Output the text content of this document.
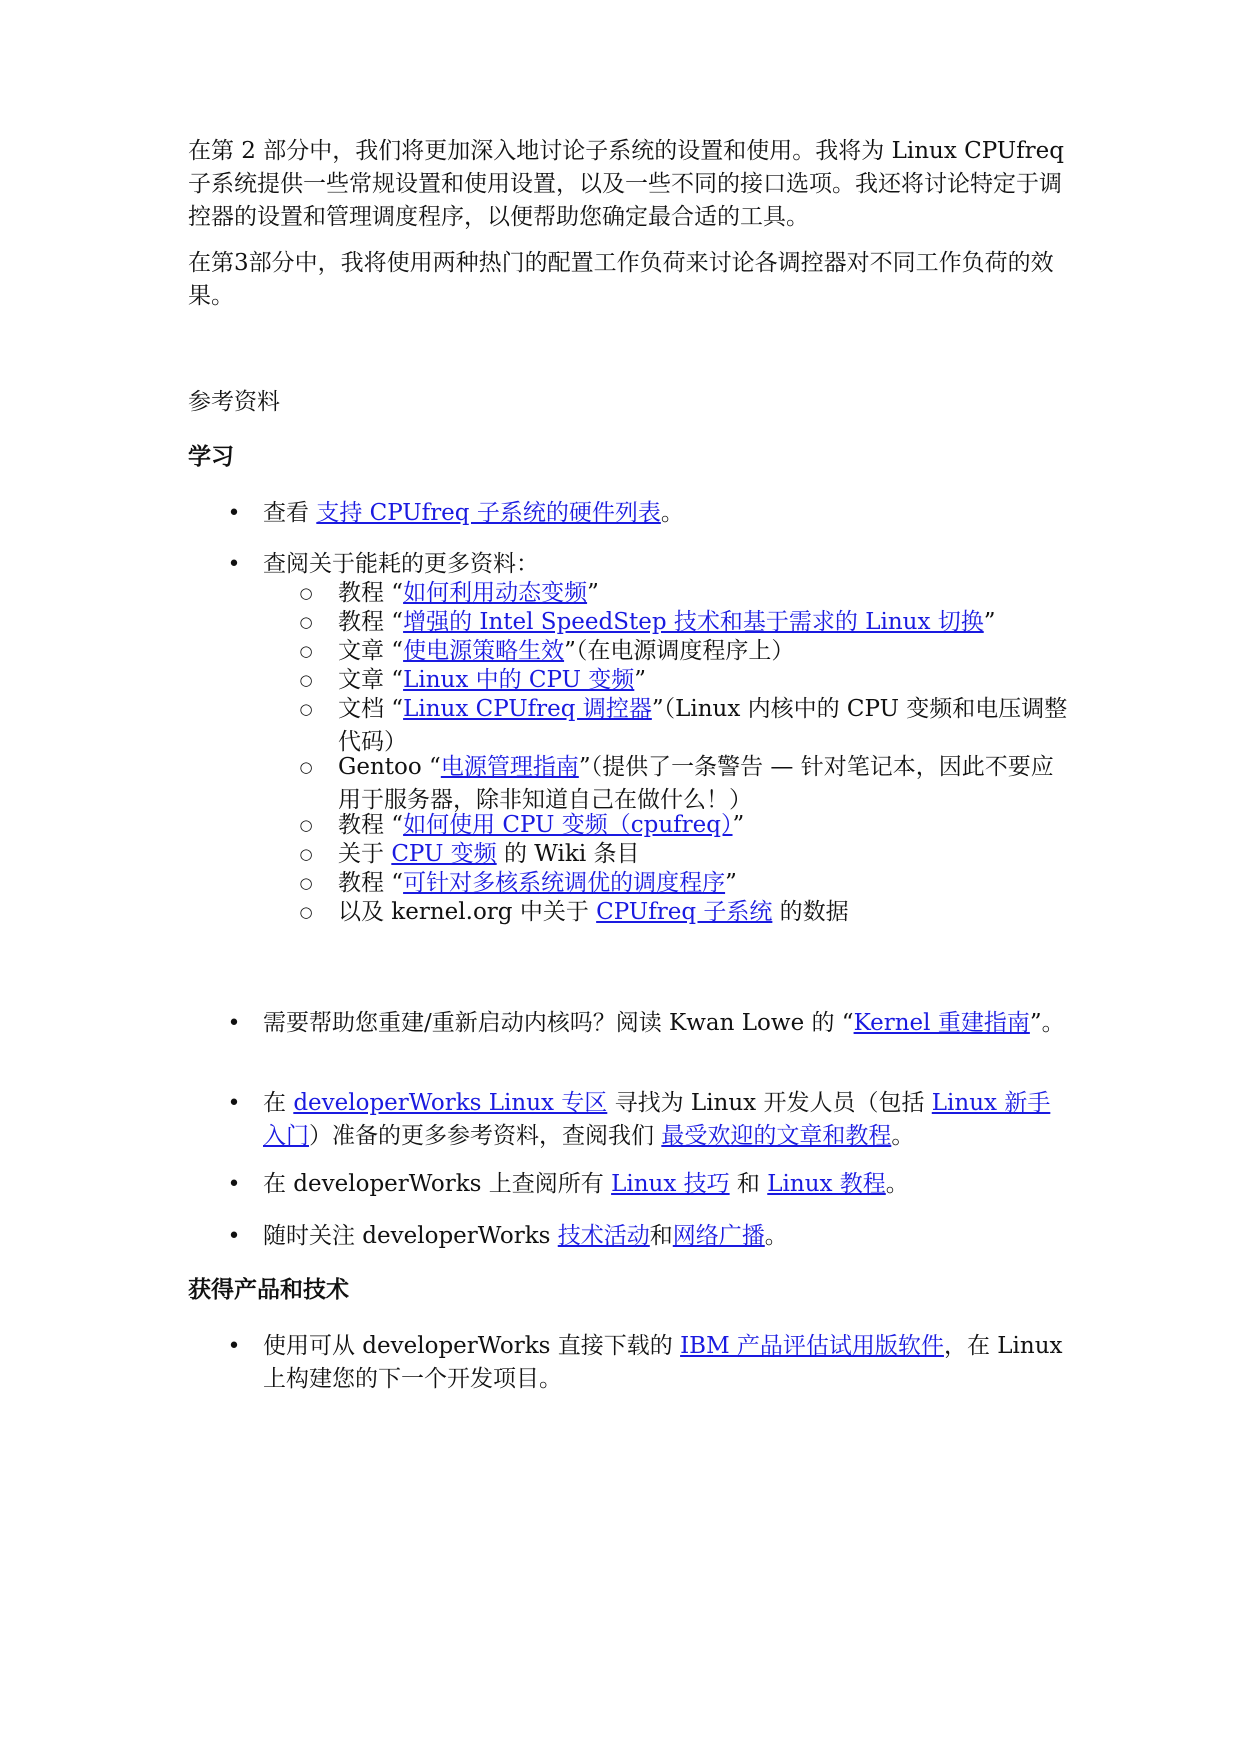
在第 2 部分中，我们将更加深入地讨论子系统的设置和使用。我将为 Linux CPUfreq 子系统提供一些常规设置和使用设置，以及一些不同的接口选项。我还将讨论特定于调控器的设置和管理调度程序，以便帮助您确定最合适的工具。

在第3部分中，我将使用两种热门的配置工作负荷来讨论各调控器对不同工作负荷的效果。

参考资料

学习

• 查看 支持 CPUfreq 子系统的硬件列表。
• 查阅关于能耗的更多资料：
○ 教程 “如何利用动态变频”
○ 教程 “增强的 Intel SpeedStep 技术和基于需求的 Linux 切换”
○ 文章 “使电源策略生效”（在电源调度程序上）
○ 文章 “Linux 中的 CPU 变频”
○ 文档 “Linux CPUfreq 调控器”（Linux 内核中的 CPU 变频和电压调整代码）
○ Gentoo “电源管理指南”（提供了一条警告 — 针对笔记本，因此不要应用于服务器，除非知道自己在做什么！）
○ 教程 “如何使用 CPU 变频（cpufreq）”
○ 关于 CPU 变频 的 Wiki 条目
○ 教程 “可针对多核系统调优的调度程序”
○ 以及 kernel.org 中关于 CPUfreq 子系统 的数据
• 需要帮助您重建/重新启动内核吗？阅读 Kwan Lowe 的 “Kernel 重建指南”。
• 在 developerWorks Linux 专区 寻找为 Linux 开发人员（包括 Linux 新手入门）准备的更多参考资料，查阅我们 最受欢迎的文章和教程。
• 在 developerWorks 上查阅所有 Linux 技巧 和 Linux 教程。
• 随时关注 developerWorks 技术活动和网络广播。

获得产品和技术

• 使用可从 developerWorks 直接下载的 IBM 产品评估试用版软件，在 Linux 上构建您的下一个开发项目。
